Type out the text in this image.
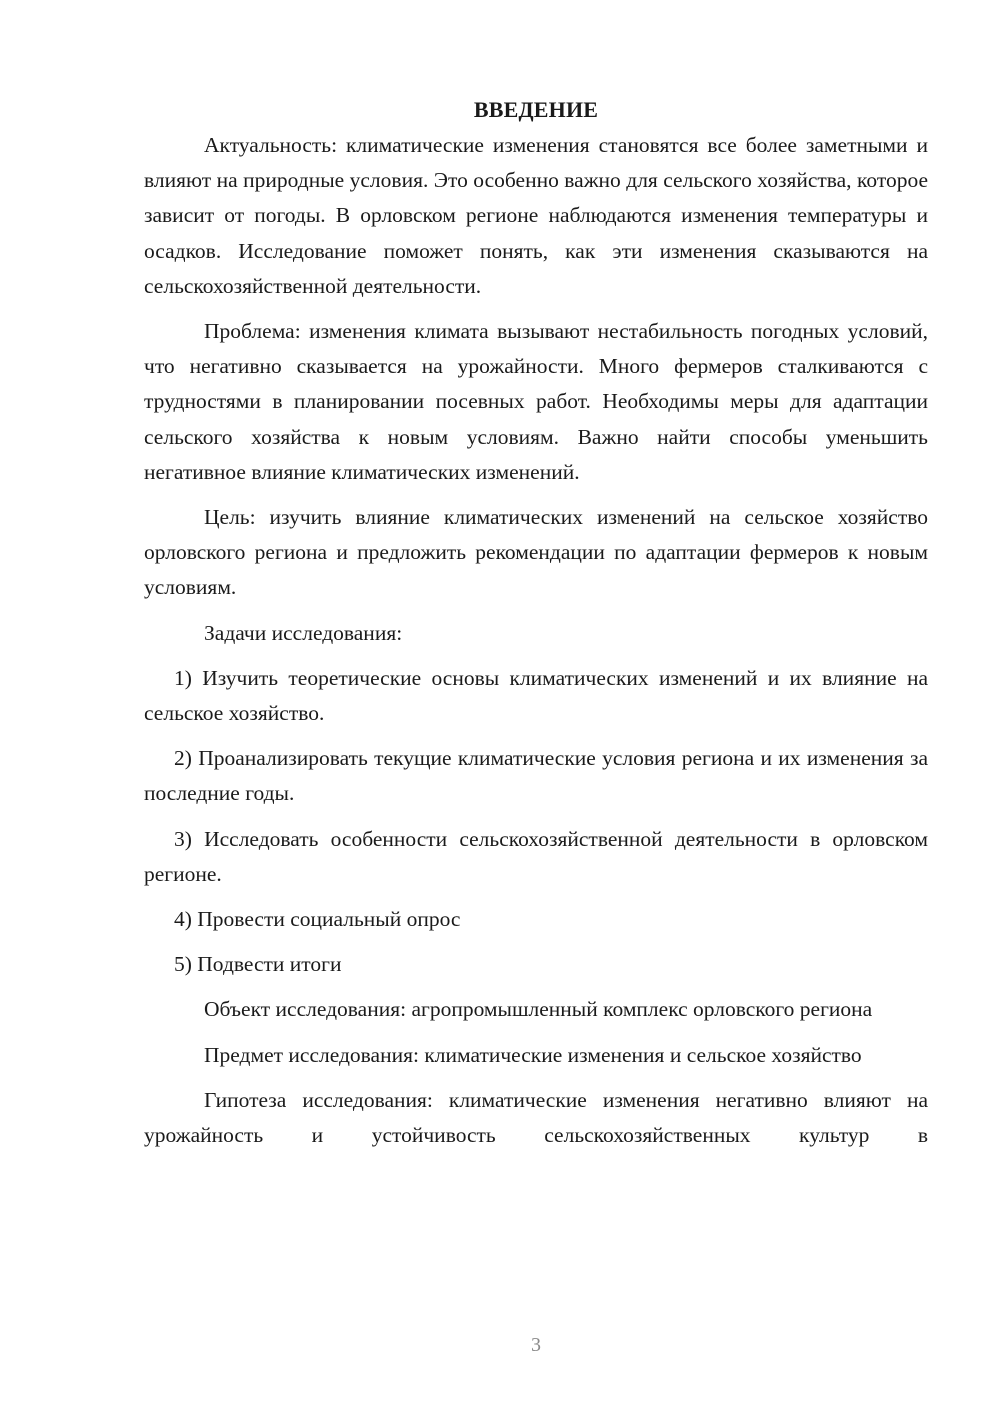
ВВЕДЕНИЕ

Актуальность: климатические изменения становятся все более заметными и влияют на природные условия. Это особенно важно для сельского хозяйства, которое зависит от погоды. В орловском регионе наблюдаются изменения температуры и осадков. Исследование поможет понять, как эти изменения сказываются на сельскохозяйственной деятельности.

Проблема: изменения климата вызывают нестабильность погодных условий, что негативно сказывается на урожайности. Много фермеров сталкиваются с трудностями в планировании посевных работ. Необходимы меры для адаптации сельского хозяйства к новым условиям. Важно найти способы уменьшить негативное влияние климатических изменений.

Цель: изучить влияние климатических изменений на сельское хозяйство орловского региона и предложить рекомендации по адаптации фермеров к новым условиям.

Задачи исследования:

1) Изучить теоретические основы климатических изменений и их влияние на сельское хозяйство.

2) Проанализировать текущие климатические условия региона и их изменения за последние годы.

3) Исследовать особенности сельскохозяйственной деятельности в орловском регионе.

4) Провести социальный опрос

5) Подвести итоги

Объект исследования: агропромышленный комплекс орловского региона

Предмет исследования: климатические изменения и сельское хозяйство

Гипотеза исследования: климатические изменения негативно влияют на урожайность и устойчивость сельскохозяйственных культур в

3
